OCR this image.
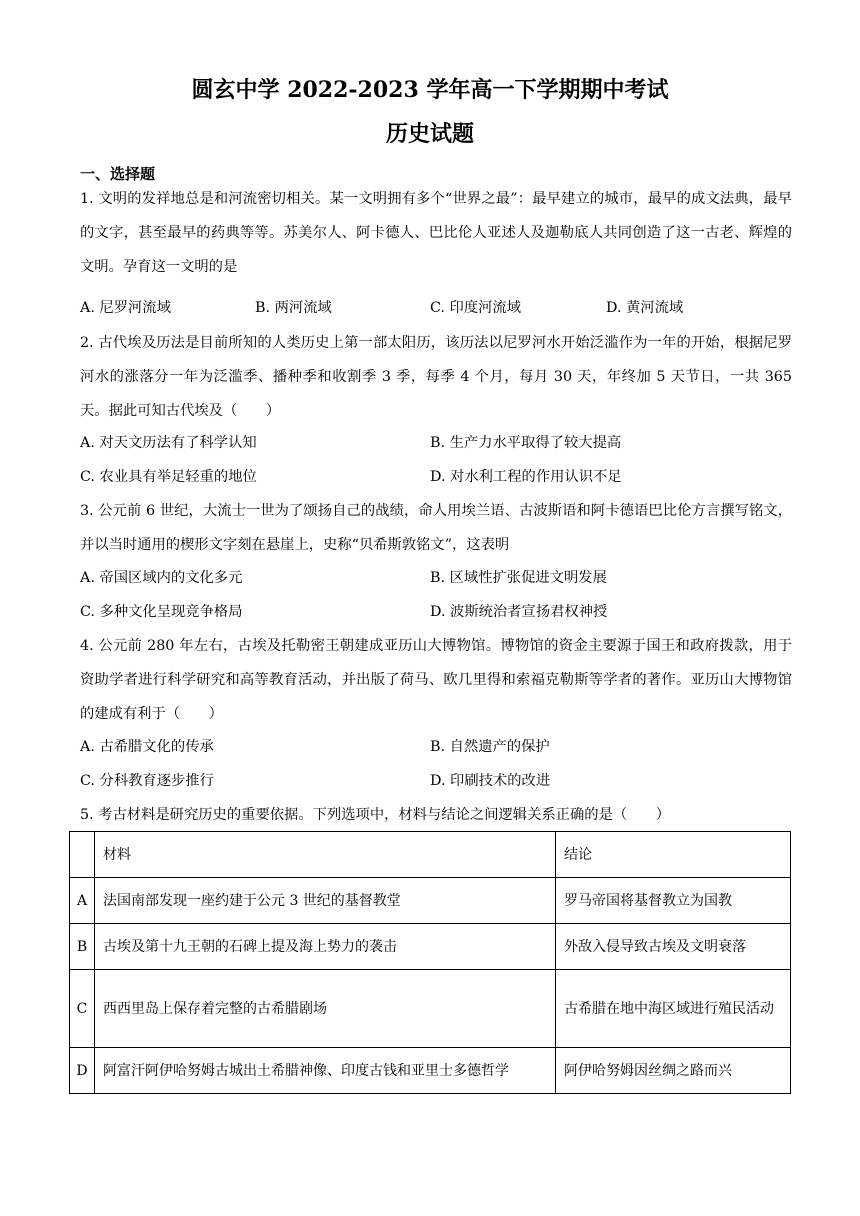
圆玄中学 2022-2023 学年高一下学期期中考试
历史试题
一、选择题
1. 文明的发祥地总是和河流密切相关。某一文明拥有多个“世界之最”：最早建立的城市，最早的成文法典，最早的文字，甚至最早的药典等等。苏美尔人、阿卡德人、巴比伦人亚述人及迦勒底人共同创造了这一古老、辉煌的文明。孕育这一文明的是
A. 尼罗河流域	B. 两河流域	C. 印度河流域	D. 黄河流域
2. 古代埃及历法是目前所知的人类历史上第一部太阳历，该历法以尼罗河水开始泛滥作为一年的开始，根据尼罗河水的涨落分一年为泛滥季、播种季和收割季 3 季，每季 4 个月，每月 30 天，年终加 5 天节日，一共 365 天。据此可知古代埃及（　　）
A. 对天文历法有了科学认知	B. 生产力水平取得了较大提高
C. 农业具有举足轻重的地位	D. 对水利工程的作用认识不足
3. 公元前 6 世纪，大流士一世为了颂扬自己的战绩，命人用埃兰语、古波斯语和阿卡德语巴比伦方言撰写铭文，并以当时通用的楔形文字刻在悬崖上，史称“贝希斯敦铭文”，这表明
A. 帝国区域内的文化多元	B. 区域性扩张促进文明发展
C. 多种文化呈现竞争格局	D. 波斯统治者宣扬君权神授
4. 公元前 280 年左右，古埃及托勒密王朝建成亚历山大博物馆。博物馆的资金主要源于国王和政府拨款，用于资助学者进行科学研究和高等教育活动，并出版了荷马、欧几里得和索福克勒斯等学者的著作。亚历山大博物馆的建成有利于（　　）
A. 古希腊文化的传承	B. 自然遗产的保护
C. 分科教育逐步推行	D. 印刷技术的改进
5. 考古材料是研究历史的重要依据。下列选项中，材料与结论之间逻辑关系正确的是（　　）
	材料	结论
A	法国南部发现一座约建于公元 3 世纪的基督教堂	罗马帝国将基督教立为国教
B	古埃及第十九王朝的石碑上提及海上势力的袭击	外敌入侵导致古埃及文明衰落
C	西西里岛上保存着完整的古希腊剧场	古希腊在地中海区域进行殖民活动
D	阿富汗阿伊哈努姆古城出土希腊神像、印度古钱和亚里士多德哲学	阿伊哈努姆因丝绸之路而兴
